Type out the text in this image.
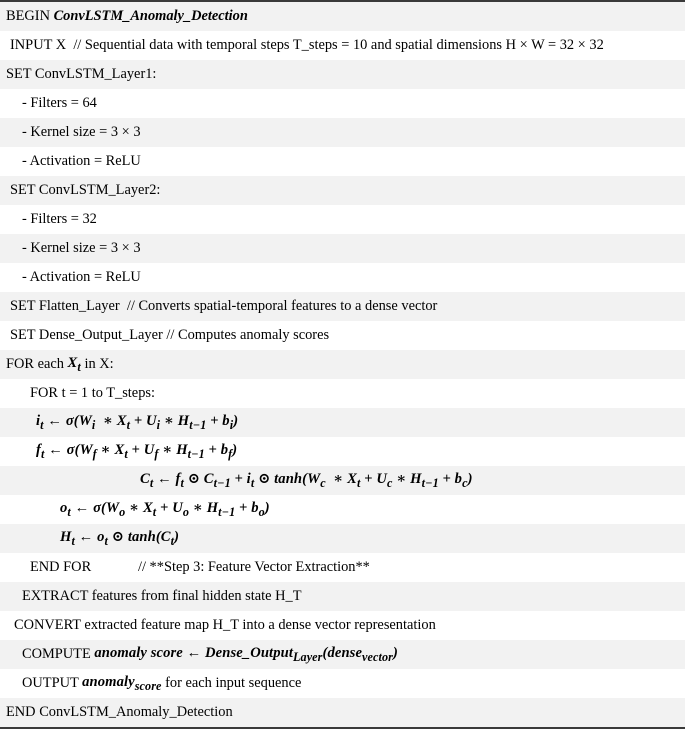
BEGIN
ConvLSTM_Anomaly_Detection
INPUT X
// Sequential data with temporal steps T_steps = 10 and spatial dimensions H × W = 32 × 32
SET ConvLSTM_Layer1:
- Filters = 64
- Kernel size = 3 × 3
- Activation = ReLU
SET ConvLSTM_Layer2:
- Filters = 32
- Kernel size = 3 × 3
- Activation = ReLU
SET Flatten_Layer
// Converts spatial-temporal features to a dense vector
SET Dense_Output_Layer
// Computes anomaly scores
FOR each $X_t$ in X:
FOR t = 1 to T_steps:
$i_t$ ← $\sigma(W_i$  ∗ $X_t + U_i$ ∗ $H_{t-1} + b_i$)
$f_t$ ← $\sigma(W_f$ ∗ $X_t + U_f$ ∗ $H_{t-1} + b_f$)
$C_t$ ← $f_t$ ⊙ $C_{t-1} + i_t$ ⊙ $\tanh(W_c$  ∗ $X_t + U_c$ ∗ $H_{t-1} + b_c$)
$o_t$ ← $\sigma(W_o$ ∗ $X_t + U_o$ ∗ $H_{t-1} + b_o$)
$H_t$ ← $o_t$ ⊙ $\tanh(C_t)$
END FOR
	// **Step 3: Feature Vector Extraction**
EXTRACT features from final hidden state H_T
CONVERT extracted feature map H_T into a dense vector representation
COMPUTE anomaly score ← Dense_Output$_{Layer}$(dense$_{vector}$)
OUTPUT anomaly$_{score}$ for each input sequence
END
ConvLSTM_Anomaly_Detection
